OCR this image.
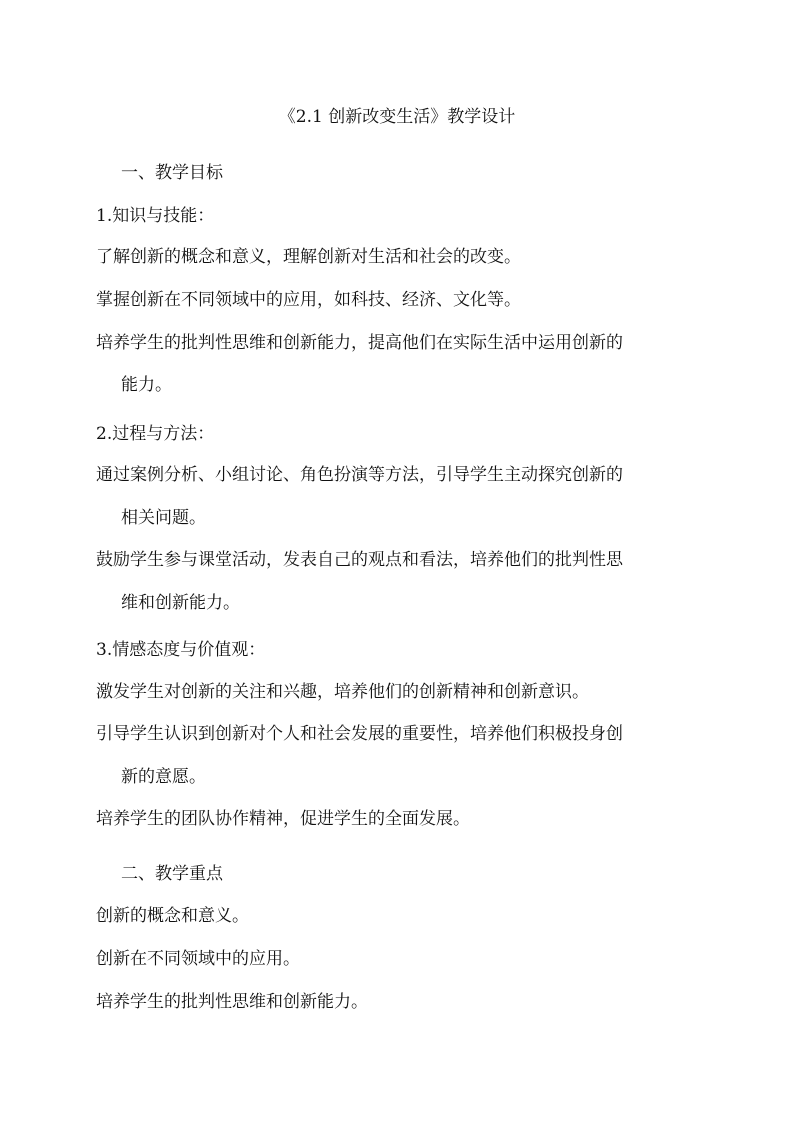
《2.1 创新改变生活》教学设计
一、教学目标
1.知识与技能：
了解创新的概念和意义，理解创新对生活和社会的改变。
掌握创新在不同领域中的应用，如科技、经济、文化等。
培养学生的批判性思维和创新能力，提高他们在实际生活中运用创新的
能力。
2.过程与方法：
通过案例分析、小组讨论、角色扮演等方法，引导学生主动探究创新的
相关问题。
鼓励学生参与课堂活动，发表自己的观点和看法，培养他们的批判性思
维和创新能力。
3.情感态度与价值观：
激发学生对创新的关注和兴趣，培养他们的创新精神和创新意识。
引导学生认识到创新对个人和社会发展的重要性，培养他们积极投身创
新的意愿。
培养学生的团队协作精神，促进学生的全面发展。
二、教学重点
创新的概念和意义。
创新在不同领域中的应用。
培养学生的批判性思维和创新能力。
